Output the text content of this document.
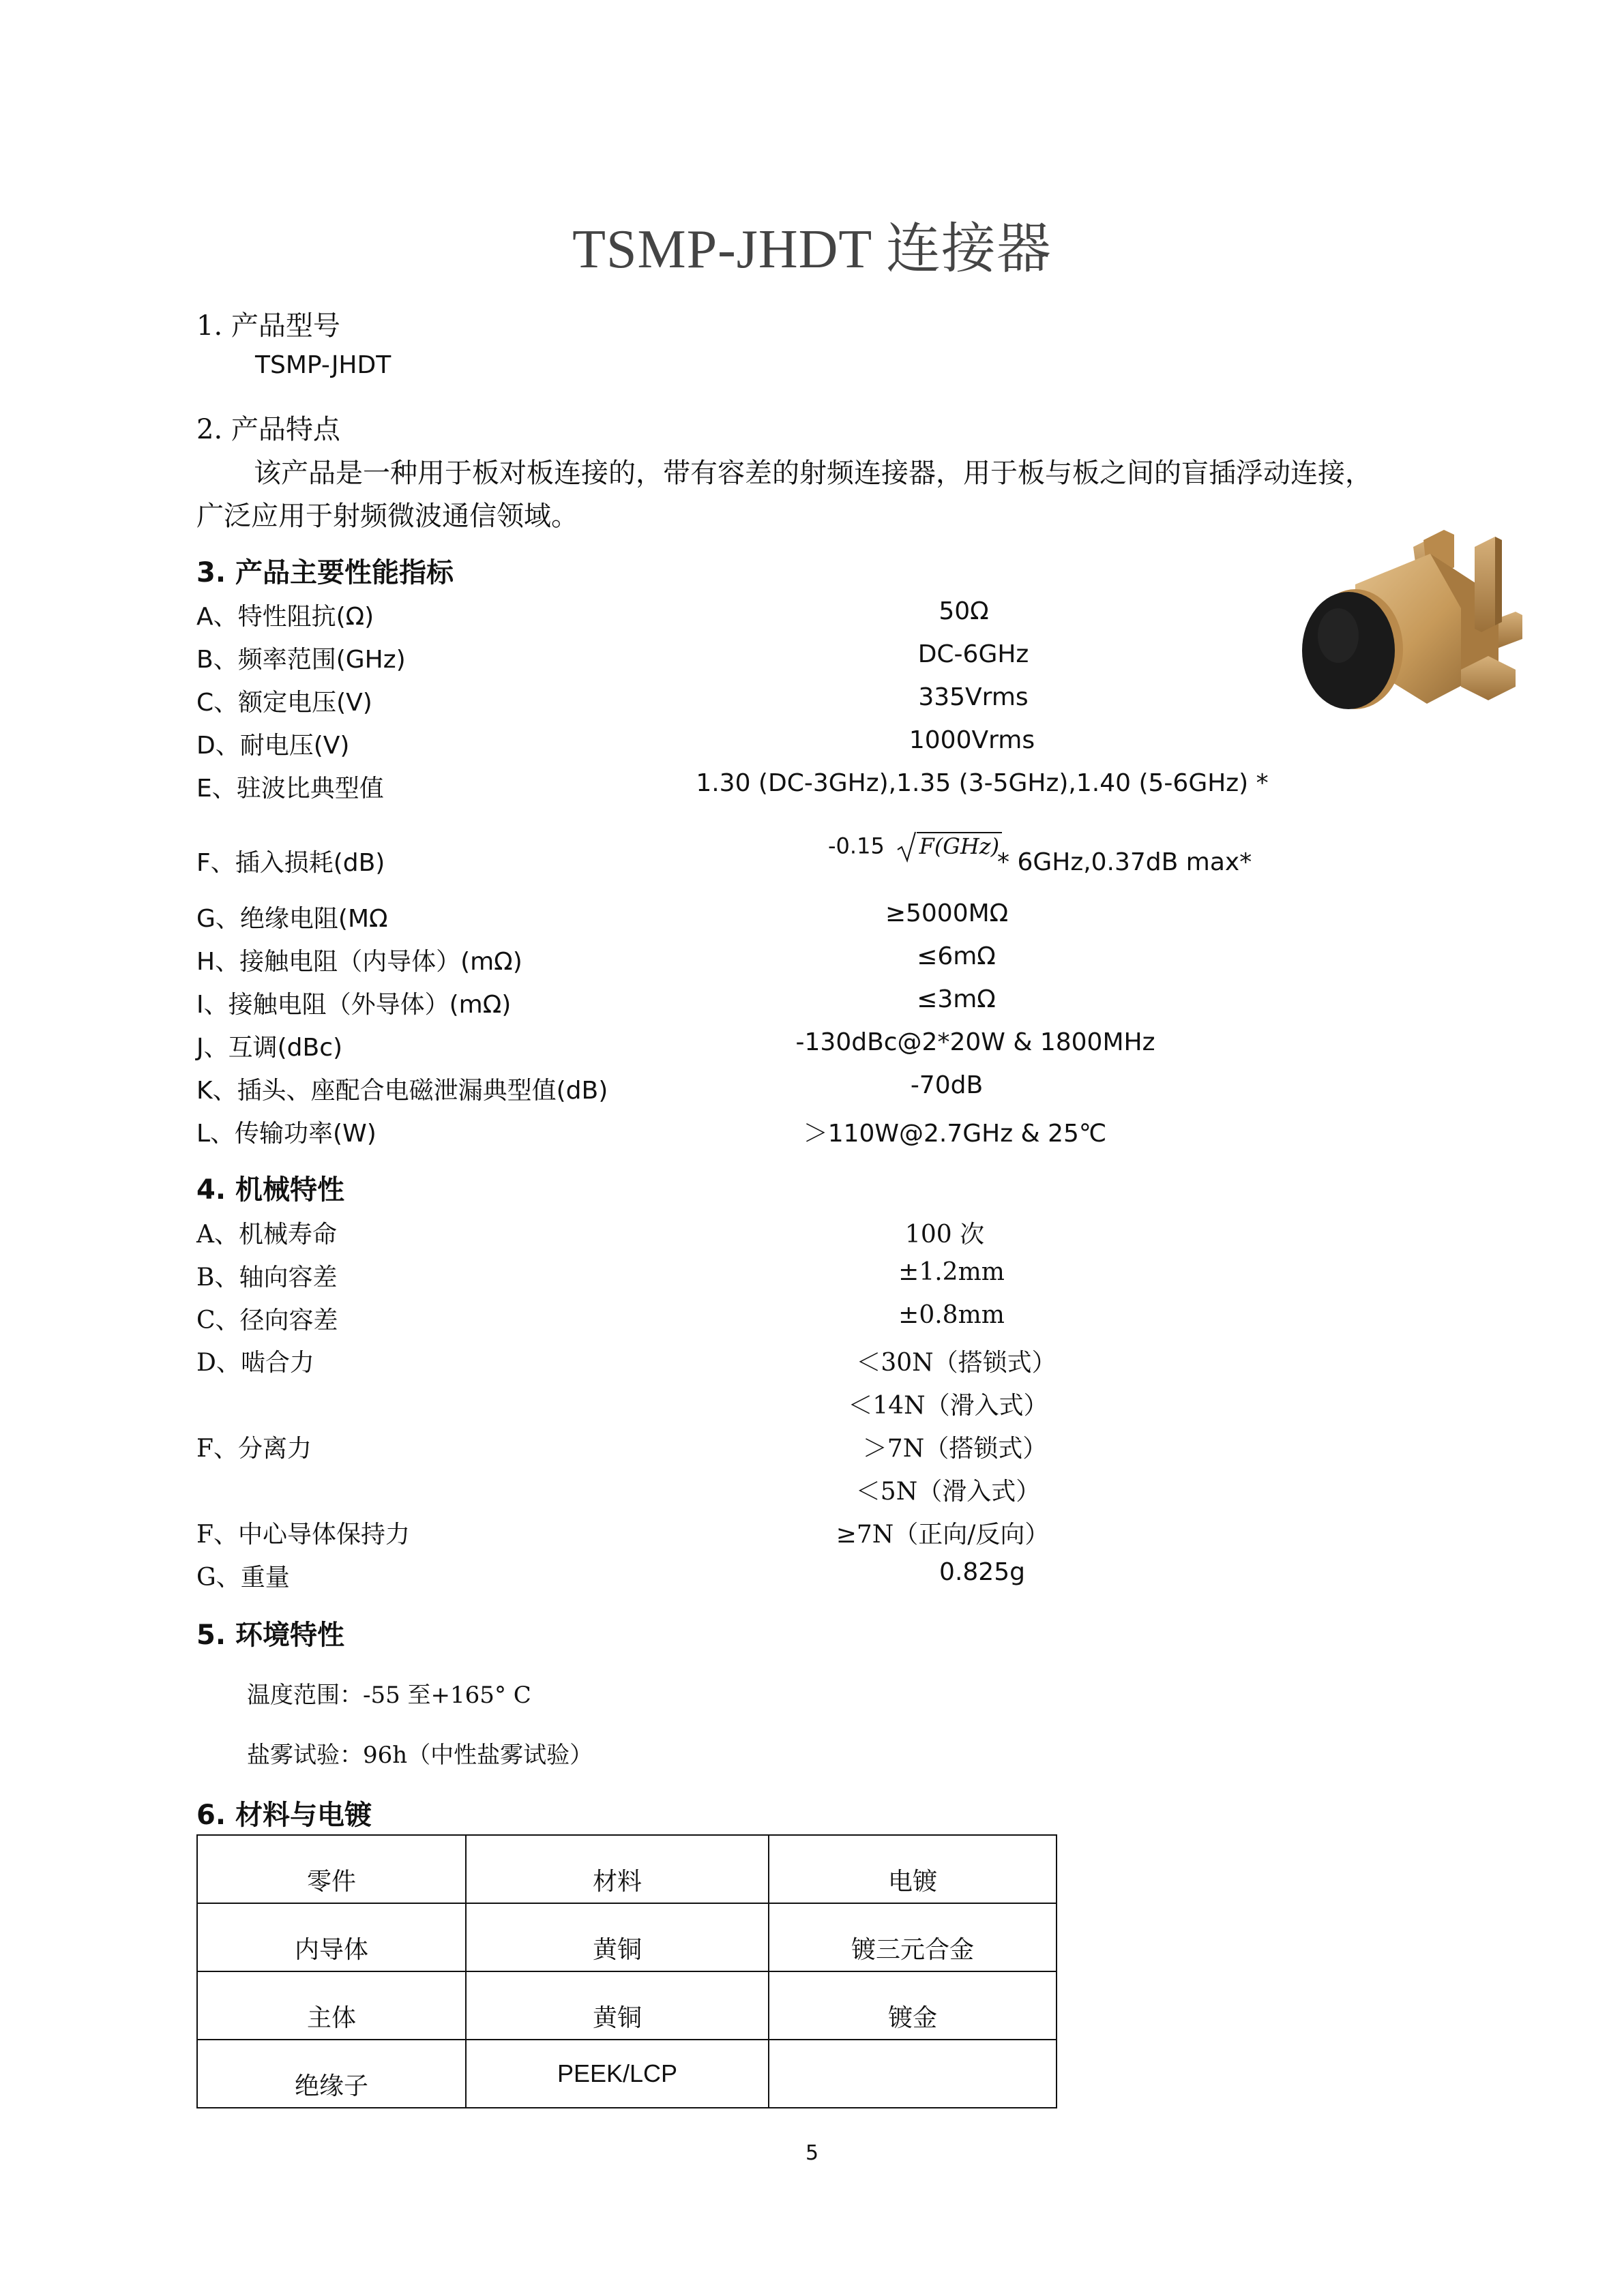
TSMP-JHDT 连接器
1. 产品型号
TSMP-JHDT
2. 产品特点
该产品是一种用于板对板连接的，带有容差的射频连接器，用于板与板之间的盲插浮动连接，
广泛应用于射频微波通信领域。
3. 产品主要性能指标
A、特性阻抗(Ω)	50Ω
B、频率范围(GHz)	DC-6GHz
C、额定电压(V)	335Vrms
D、耐电压(V)	1000Vrms
E、驻波比典型值	1.30 (DC-3GHz),1.35 (3-5GHz),1.40 (5-6GHz) *
F、插入损耗(dB)
-0.15 F(GHz)
* 6GHz,0.37dB max*
G、绝缘电阻(MΩ	≥5000MΩ
H、接触电阻（内导体）(mΩ)	≤6mΩ
I、接触电阻（外导体）(mΩ)	≤3mΩ
J、互调(dBc)	-130dBc@2*20W & 1800MHz
K、插头、座配合电磁泄漏典型值(dB)	-70dB
L、传输功率(W)	＞110W@2.7GHz & 25℃
4. 机械特性
A、机械寿命	100 次
B、轴向容差	±1.2mm
C、径向容差	±0.8mm
D、啮合力	＜30N（搭锁式）
＜14N（滑入式）
F、分离力	＞7N（搭锁式）
＜5N（滑入式）
F、中心导体保持力	≥7N（正向/反向）
G、重量	0.825g
5. 环境特性
温度范围：-55 至+165° C
盐雾试验：96h（中性盐雾试验）
6. 材料与电镀
零件	材料	电镀
内导体	黄铜	镀三元合金
主体	黄铜	镀金
绝缘子	PEEK/LCP	
5
